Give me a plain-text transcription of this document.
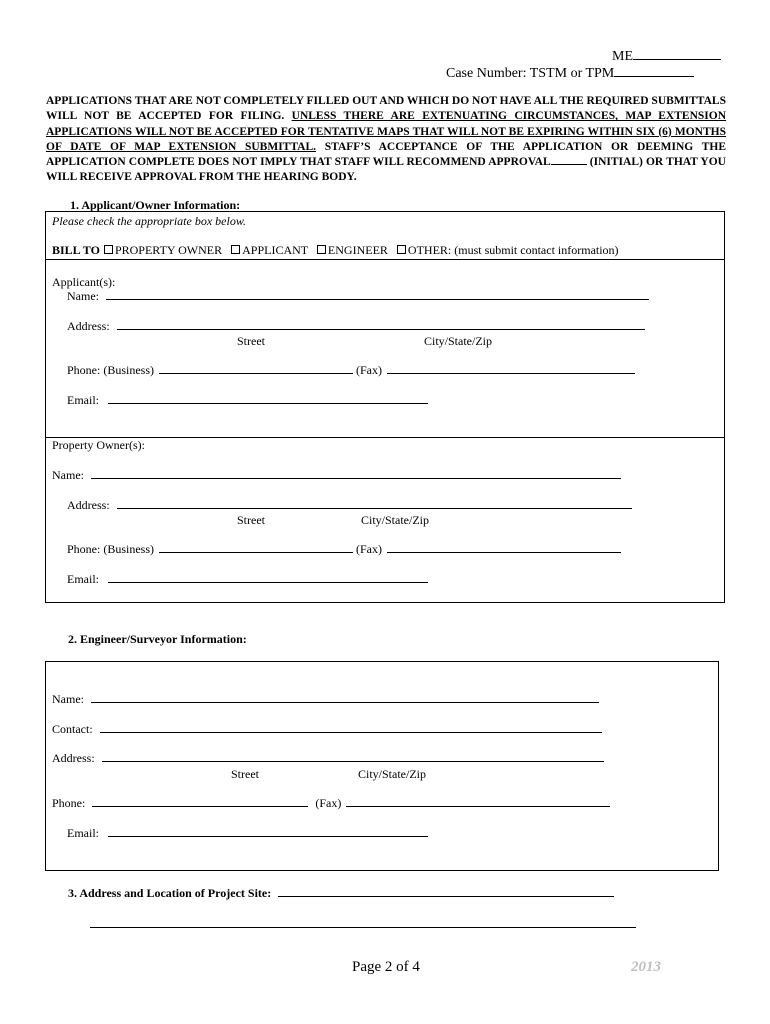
ME
Case Number: TSTM or TPM
APPLICATIONS THAT ARE NOT COMPLETELY FILLED OUT AND WHICH DO NOT HAVE ALL THE REQUIRED SUBMITTALS WILL NOT BE ACCEPTED FOR FILING. UNLESS THERE ARE EXTENUATING CIRCUMSTANCES, MAP EXTENSION APPLICATIONS WILL NOT BE ACCEPTED FOR TENTATIVE MAPS THAT WILL NOT BE EXPIRING WITHIN SIX (6) MONTHS OF DATE OF MAP EXTENSION SUBMITTAL. STAFF’S ACCEPTANCE OF THE APPLICATION OR DEEMING THE APPLICATION COMPLETE DOES NOT IMPLY THAT STAFF WILL RECOMMEND APPROVAL	(INITIAL) OR THAT YOU WILL RECEIVE APPROVAL FROM THE HEARING BODY.
1. Applicant/Owner Information:
Please check the appropriate box below.
BILL TO PROPERTY OWNER APPLICANT ENGINEER OTHER: (must submit contact information)
Applicant(s):
Name:
Address:
Street	City/State/Zip
Phone: (Business)	(Fax)
Email:
Property Owner(s):
Name:
Address:
Street	City/State/Zip
Phone: (Business)	(Fax)
Email:
2. Engineer/Surveyor Information:
Name:
Contact:
Address:
Street	City/State/Zip
Phone:	(Fax)
Email:
3. Address and Location of Project Site:
Page 2 of 4	2013
